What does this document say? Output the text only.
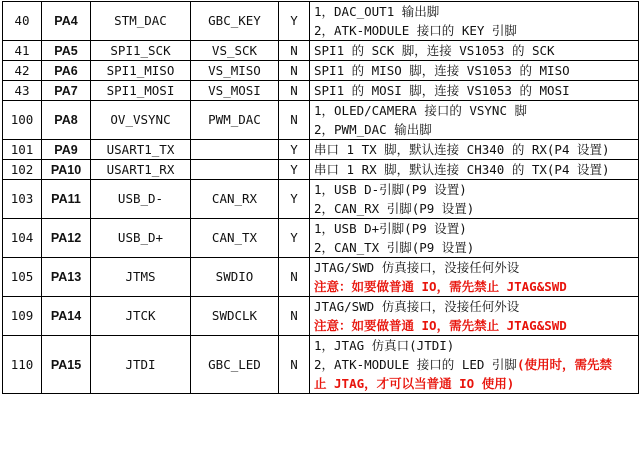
40	PA4	STM_DAC	GBC_KEY	Y	1，DAC_OUT1 输出脚
2，ATK-MODULE 接口的 KEY 引脚

41	PA5	SPI1_SCK	VS_SCK	N	SPI1 的 SCK 脚，连接 VS1053 的 SCK

42	PA6	SPI1_MISO	VS_MISO	N	SPI1 的 MISO 脚，连接 VS1053 的 MISO

43	PA7	SPI1_MOSI	VS_MOSI	N	SPI1 的 MOSI 脚，连接 VS1053 的 MOSI

100	PA8	OV_VSYNC	PWM_DAC	N	1，OLED/CAMERA 接口的 VSYNC 脚
2，PWM_DAC 输出脚

101	PA9	USART1_TX		Y	串口 1 TX 脚，默认连接 CH340 的 RX(P4 设置)

102	PA10	USART1_RX		Y	串口 1 RX 脚，默认连接 CH340 的 TX(P4 设置)

103	PA11	USB_D-	CAN_RX	Y	1，USB D-引脚(P9 设置)
2，CAN_RX 引脚(P9 设置)

104	PA12	USB_D+	CAN_TX	Y	1，USB D+引脚(P9 设置)
2，CAN_TX 引脚(P9 设置)

105	PA13	JTMS	SWDIO	N	JTAG/SWD 仿真接口，没接任何外设
注意：如要做普通 IO，需先禁止 JTAG&SWD

109	PA14	JTCK	SWDCLK	N	JTAG/SWD 仿真接口，没接任何外设
注意：如要做普通 IO，需先禁止 JTAG&SWD

110	PA15	JTDI	GBC_LED	N	1，JTAG 仿真口(JTDI)
2，ATK-MODULE 接口的 LED 引脚(使用时，需先禁
止 JTAG，才可以当普通 IO 使用)
